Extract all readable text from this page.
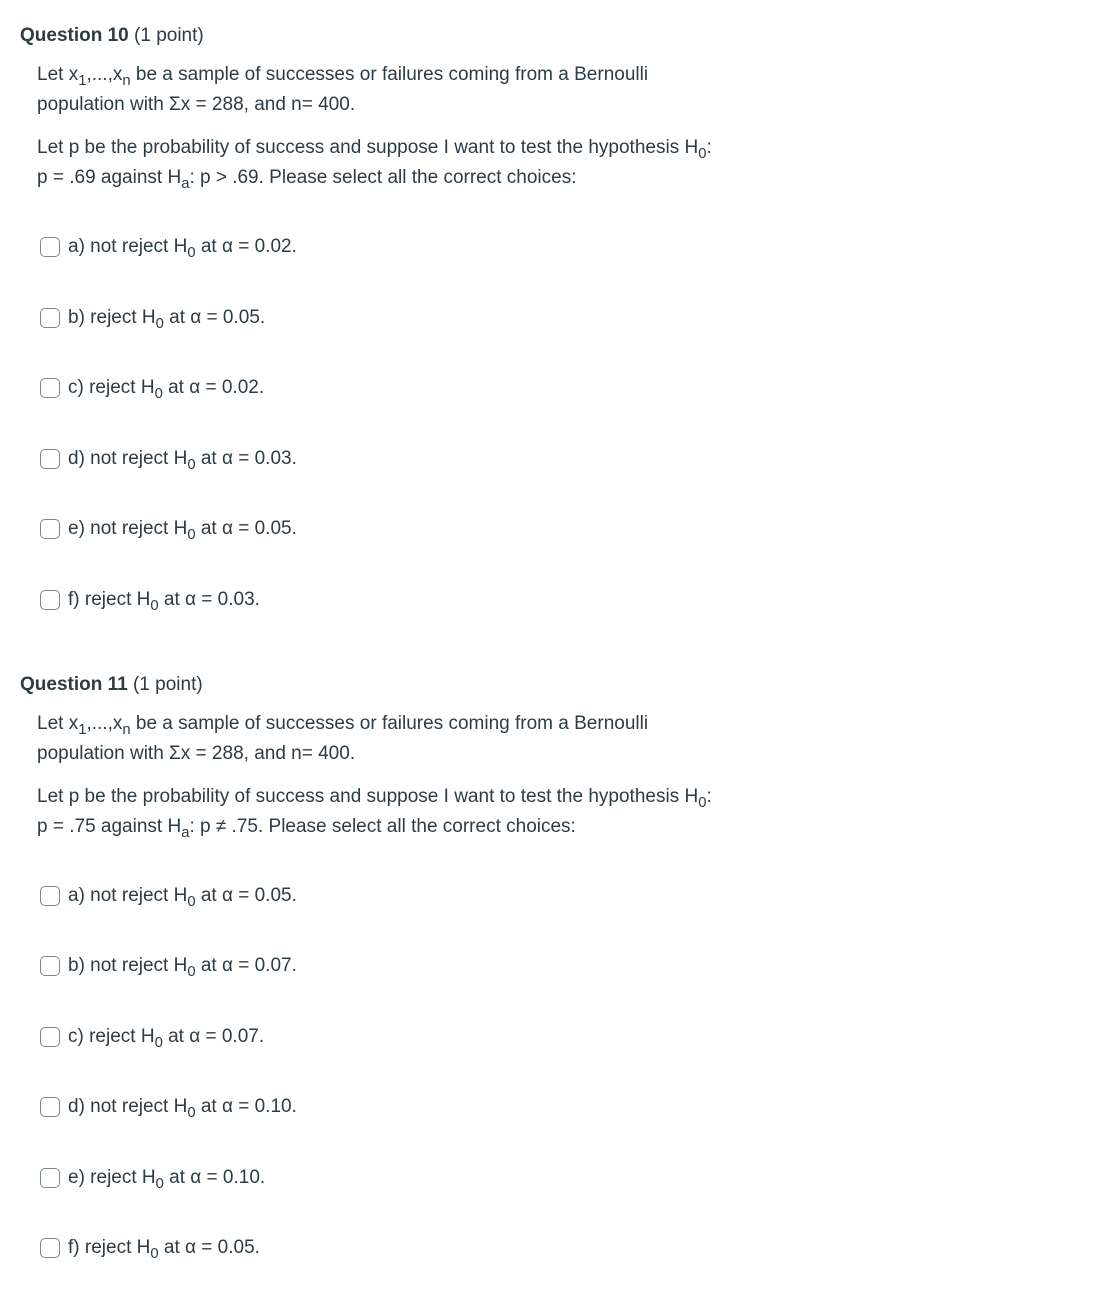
Question 10 (1 point)
Let $x_1,...,x_n$ be a sample of successes or failures coming from a Bernoulli
population with Σx = 288, and n= 400.
Let p be the probability of success and suppose I want to test the hypothesis $H_0$:
p = .69 against $H_a$: p > .69. Please select all the correct choices:
a) not reject $H_0$ at α = 0.02.
b) reject $H_0$ at α = 0.05.
c) reject $H_0$ at α = 0.02.
d) not reject $H_0$ at α = 0.03.
e) not reject $H_0$ at α = 0.05.
f) reject $H_0$ at α = 0.03.
Question 11 (1 point)
Let $x_1,...,x_n$ be a sample of successes or failures coming from a Bernoulli
population with Σx = 288, and n= 400.
Let p be the probability of success and suppose I want to test the hypothesis $H_0$:
p = .75 against $H_a$: p ≠ .75. Please select all the correct choices:
a) not reject $H_0$ at α = 0.05.
b) not reject $H_0$ at α = 0.07.
c) reject $H_0$ at α = 0.07.
d) not reject $H_0$ at α = 0.10.
e) reject $H_0$ at α = 0.10.
f) reject $H_0$ at α = 0.05.
